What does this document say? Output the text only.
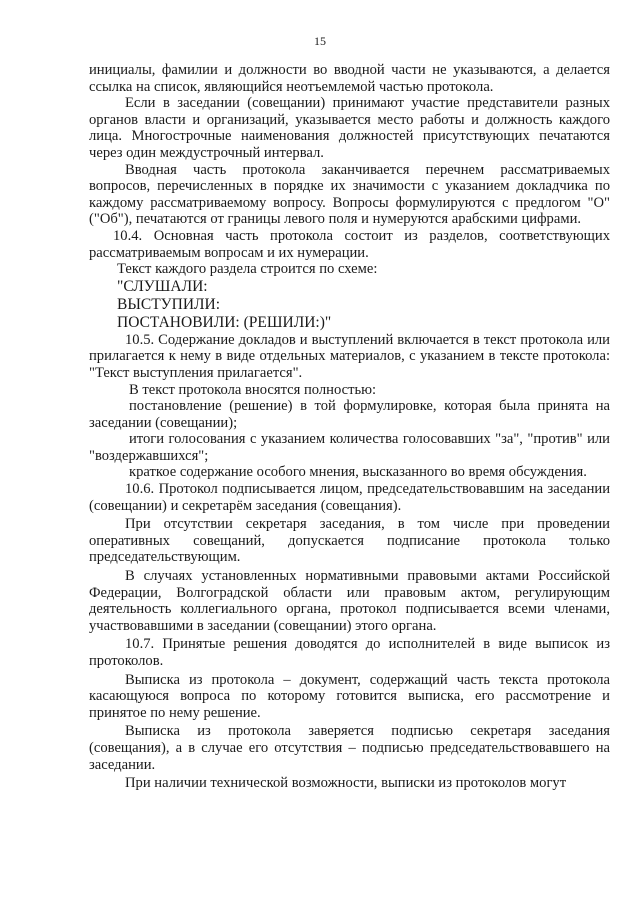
15

инициалы, фамилии и должности во вводной части не указываются, а делается ссылка на список, являющийся неотъемлемой частью протокола.

Если в заседании (совещании) принимают участие представители разных органов власти и организаций, указывается место работы и должность каждого лица. Многострочные наименования должностей присутствующих печатаются через один междустрочный интервал.

Вводная часть протокола заканчивается перечнем рассматриваемых вопросов, перечисленных в порядке их значимости с указанием докладчика по каждому рассматриваемому вопросу. Вопросы формулируются с предлогом "О" ("Об"), печатаются от границы левого поля и нумеруются арабскими цифрами.

10.4. Основная часть протокола состоит из разделов, соответствующих рассматриваемым вопросам и их нумерации.

Текст каждого раздела строится по схеме:

"СЛУШАЛИ:

ВЫСТУПИЛИ:

ПОСТАНОВИЛИ: (РЕШИЛИ:)"

10.5. Содержание докладов и выступлений включается в текст протокола или прилагается к нему в виде отдельных материалов, с указанием в тексте протокола: "Текст выступления прилагается".

В текст протокола вносятся полностью:

постановление (решение) в той формулировке, которая была принята на заседании (совещании);

итоги голосования с указанием количества голосовавших "за", "против" или "воздержавшихся";

краткое содержание особого мнения, высказанного во время обсуждения.

10.6. Протокол подписывается лицом, председательствовавшим на заседании (совещании) и секретарём заседания (совещания).

При отсутствии секретаря заседания, в том числе при проведении оперативных совещаний, допускается подписание протокола только председательствующим.

В случаях установленных нормативными правовыми актами Российской Федерации, Волгоградской области или правовым актом, регулирующим деятельность коллегиального органа, протокол подписывается всеми членами, участвовавшими в заседании (совещании) этого органа.

10.7. Принятые решения доводятся до исполнителей в виде выписок из протоколов.

Выписка из протокола – документ, содержащий часть текста протокола касающуюся вопроса по которому готовится выписка, его рассмотрение и принятое по нему решение.

Выписка из протокола заверяется подписью секретаря заседания (совещания), а в случае его отсутствия – подписью председательствовавшего на заседании.

При наличии технической возможности, выписки из протоколов могут
